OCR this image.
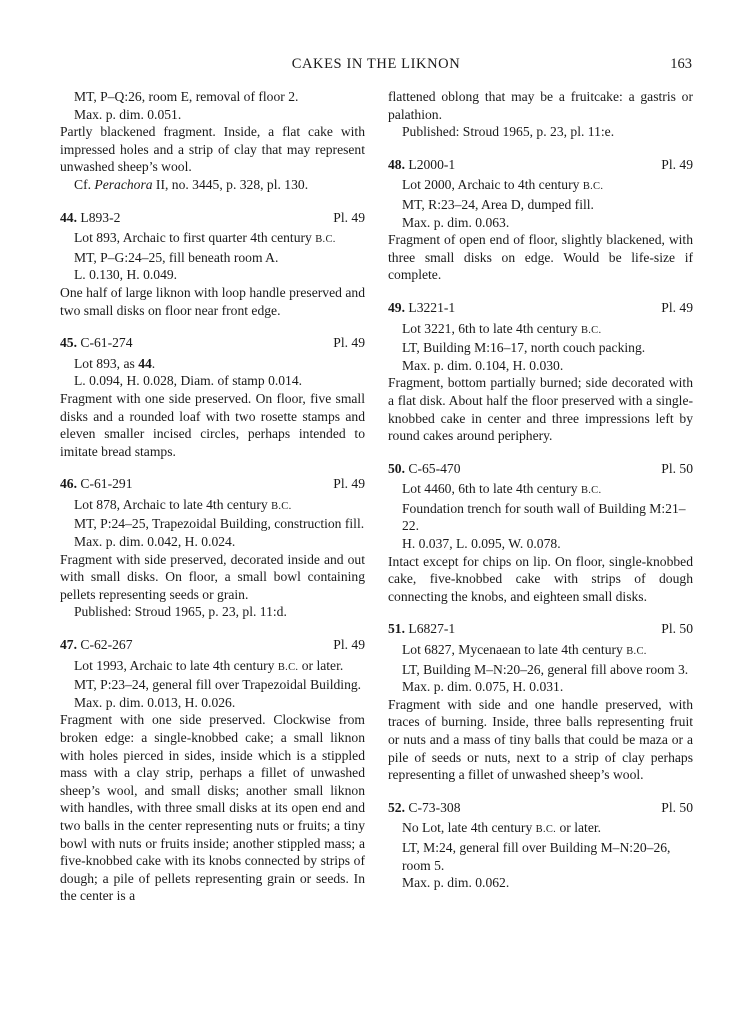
CAKES IN THE LIKNON	163

MT, P–Q:26, room E, removal of floor 2.

Max. p. dim. 0.051.

Partly blackened fragment. Inside, a flat cake with impressed holes and a strip of clay that may represent unwashed sheep’s wool.

Cf. Perachora II, no. 3445, p. 328, pl. 130.

44. L893-2	Pl. 49

Lot 893, Archaic to first quarter 4th century B.C.

MT, P–G:24–25, fill beneath room A.

L. 0.130, H. 0.049.

One half of large liknon with loop handle preserved and two small disks on floor near front edge.

45. C-61-274	Pl. 49

Lot 893, as 44.

L. 0.094, H. 0.028, Diam. of stamp 0.014.

Fragment with one side preserved. On floor, five small disks and a rounded loaf with two rosette stamps and eleven smaller incised circles, perhaps intended to imitate bread stamps.

46. C-61-291	Pl. 49

Lot 878, Archaic to late 4th century B.C.

MT, P:24–25, Trapezoidal Building, construction fill.

Max. p. dim. 0.042, H. 0.024.

Fragment with side preserved, decorated inside and out with small disks. On floor, a small bowl containing pellets representing seeds or grain.

Published: Stroud 1965, p. 23, pl. 11:d.

47. C-62-267	Pl. 49

Lot 1993, Archaic to late 4th century B.C. or later.

MT, P:23–24, general fill over Trapezoidal Building.

Max. p. dim. 0.013, H. 0.026.

Fragment with one side preserved. Clockwise from broken edge: a single-knobbed cake; a small liknon with holes pierced in sides, inside which is a stippled mass with a clay strip, perhaps a fillet of unwashed sheep’s wool, and small disks; another small liknon with handles, with three small disks at its open end and two balls in the center representing nuts or fruits; a tiny bowl with nuts or fruits inside; another stippled mass; a five-knobbed cake with its knobs connected by strips of dough; a pile of pellets representing grain or seeds. In the center is a

flattened oblong that may be a fruitcake: a gastris or palathion.

Published: Stroud 1965, p. 23, pl. 11:e.

48. L2000-1	Pl. 49

Lot 2000, Archaic to 4th century B.C.

MT, R:23–24, Area D, dumped fill.

Max. p. dim. 0.063.

Fragment of open end of floor, slightly blackened, with three small disks on edge. Would be life-size if complete.

49. L3221-1	Pl. 49

Lot 3221, 6th to late 4th century B.C.

LT, Building M:16–17, north couch packing.

Max. p. dim. 0.104, H. 0.030.

Fragment, bottom partially burned; side decorated with a flat disk. About half the floor preserved with a single-knobbed cake in center and three impressions left by round cakes around periphery.

50. C-65-470	Pl. 50

Lot 4460, 6th to late 4th century B.C.

Foundation trench for south wall of Building M:21–22.

H. 0.037, L. 0.095, W. 0.078.

Intact except for chips on lip. On floor, single-knobbed cake, five-knobbed cake with strips of dough connecting the knobs, and eighteen small disks.

51. L6827-1	Pl. 50

Lot 6827, Mycenaean to late 4th century B.C.

LT, Building M–N:20–26, general fill above room 3.

Max. p. dim. 0.075, H. 0.031.

Fragment with side and one handle preserved, with traces of burning. Inside, three balls representing fruit or nuts and a mass of tiny balls that could be maza or a pile of seeds or nuts, next to a strip of clay perhaps representing a fillet of unwashed sheep’s wool.

52. C-73-308	Pl. 50

No Lot, late 4th century B.C. or later.

LT, M:24, general fill over Building M–N:20–26, room 5.

Max. p. dim. 0.062.
